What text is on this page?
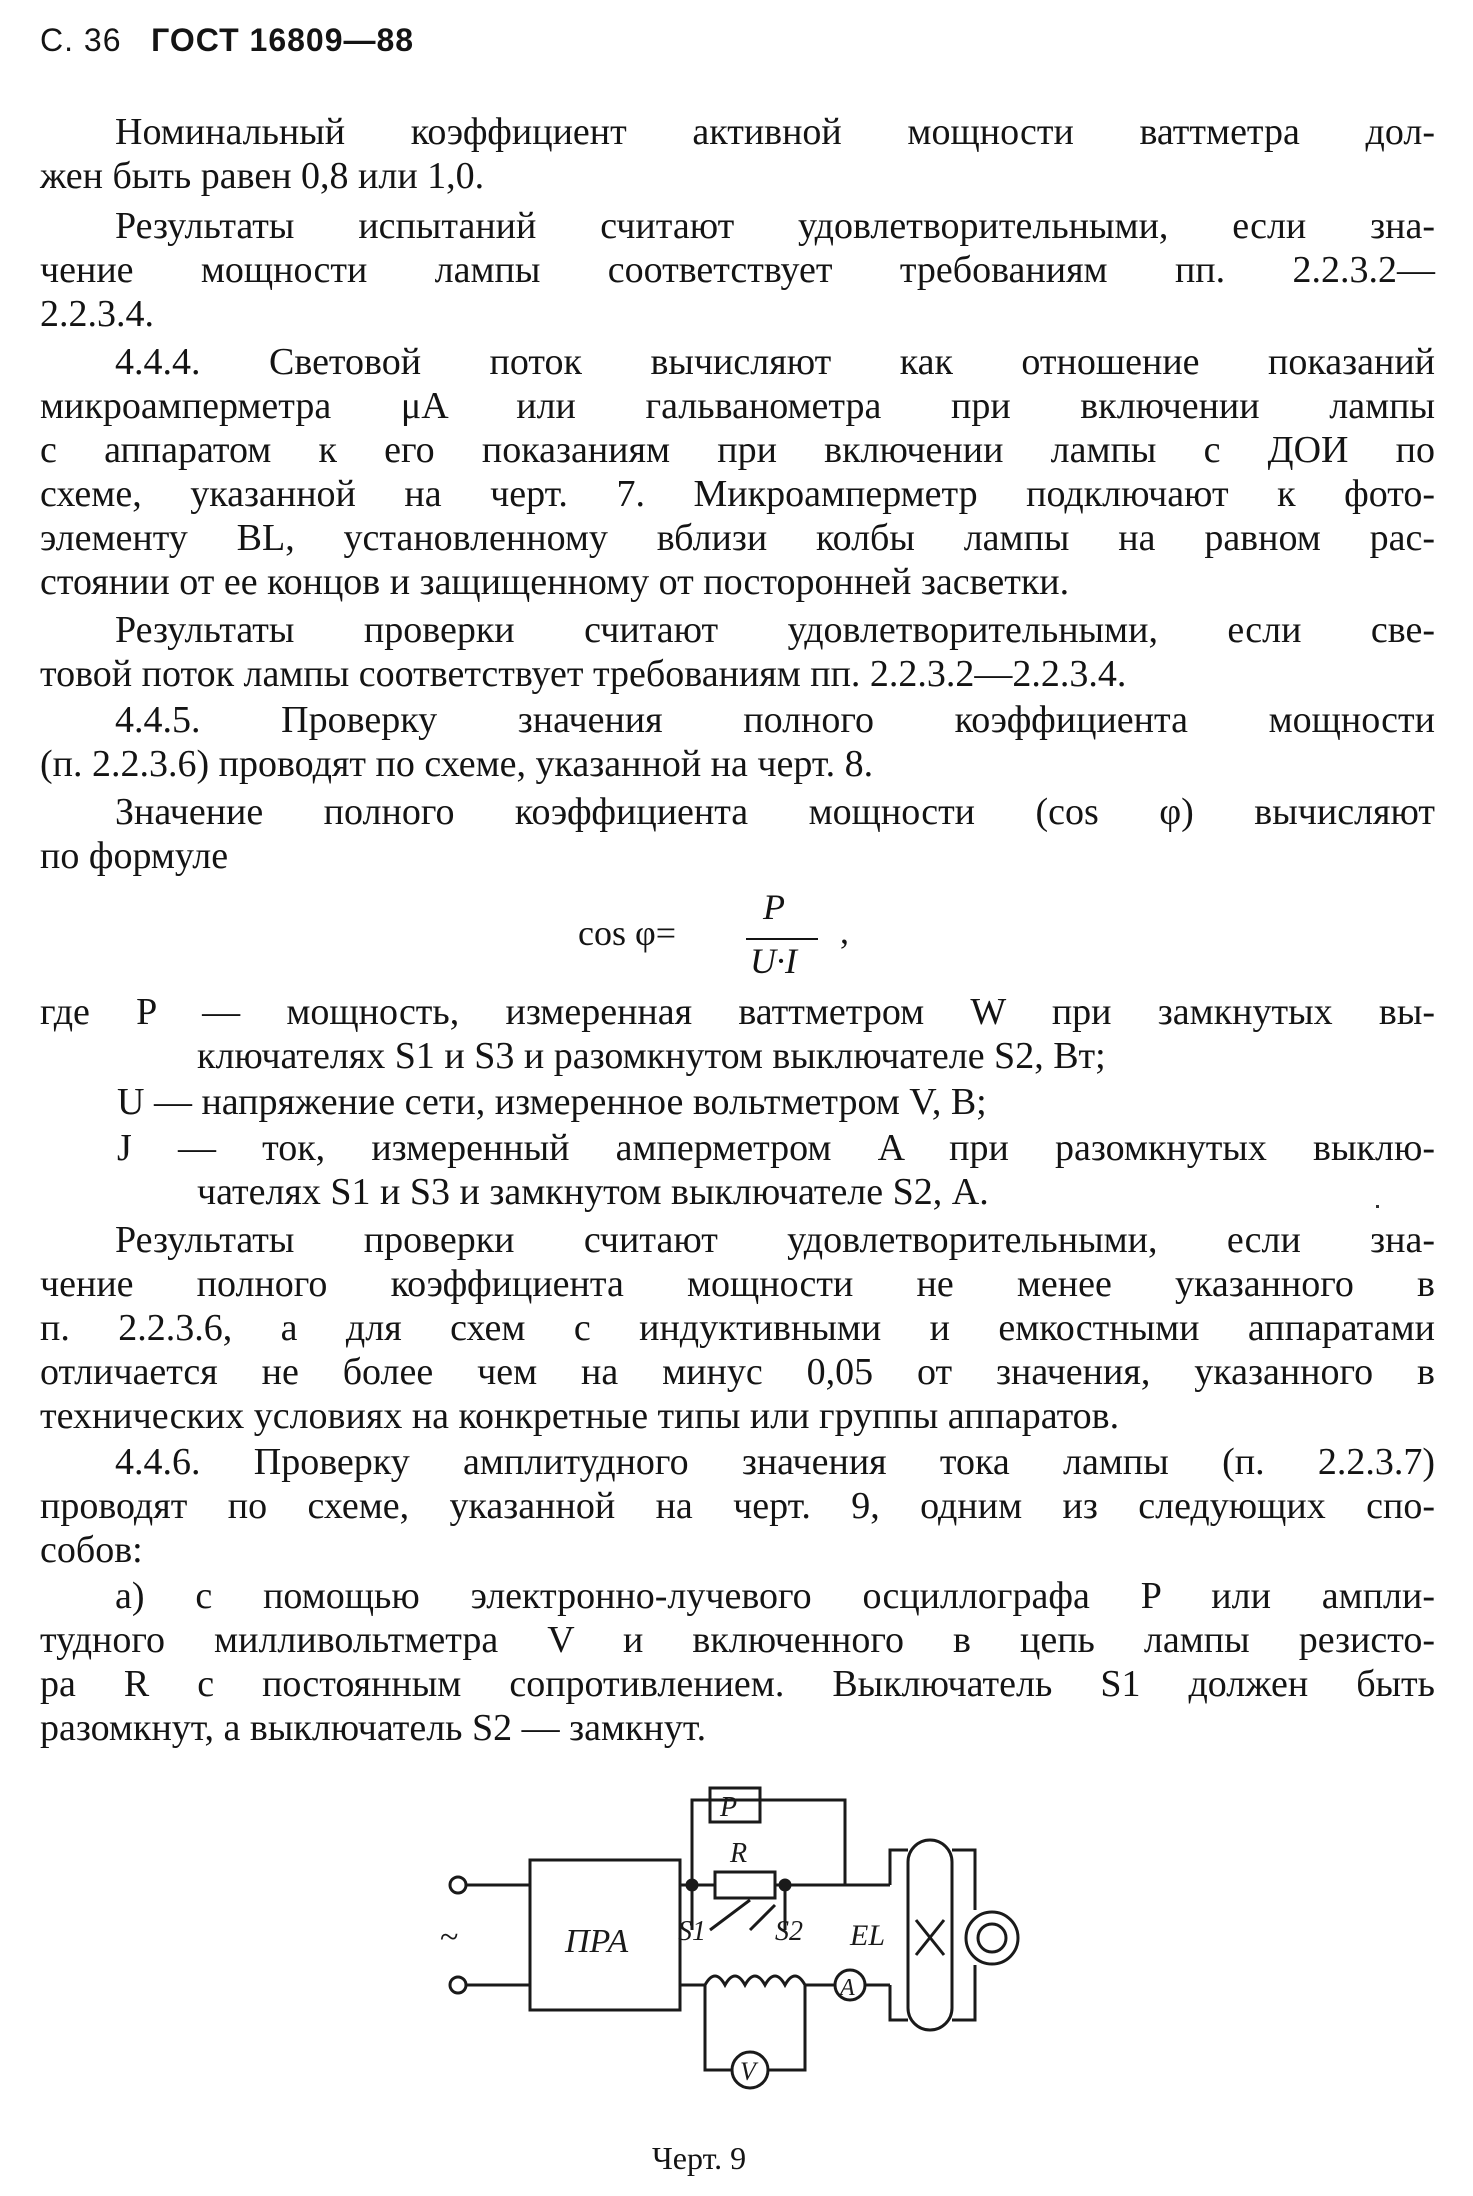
С. 36 ГОСТ 16809—88
Номинальный коэффициент активной мощности ваттметра дол-
жен быть равен 0,8 или 1,0.
Результаты испытаний считают удовлетворительными, если зна-
чение мощности лампы соответствует требованиям пп. 2.2.3.2—
2.2.3.4.
4.4.4. Световой поток вычисляют как отношение показаний
микроамперметра μA или гальванометра при включении лампы
с аппаратом к его показаниям при включении лампы с ДОИ по
схеме, указанной на черт. 7. Микроамперметр подключают к фото-
элементу BL, установленному вблизи колбы лампы на равном рас-
стоянии от ее концов и защищенному от посторонней засветки.
Результаты проверки считают удовлетворительными, если све-
товой поток лампы соответствует требованиям пп. 2.2.3.2—2.2.3.4.
4.4.5. Проверку значения полного коэффициента мощности
(п. 2.2.3.6) проводят по схеме, указанной на черт. 8.
Значение полного коэффициента мощности (cos φ) вычисляют
по формуле
cos φ=
P
U·I
,
где P — мощность, измеренная ваттметром W при замкнутых вы-
ключателях S1 и S3 и разомкнутом выключателе S2, Вт;
U — напряжение сети, измеренное вольтметром V, В;
J — ток, измеренный амперметром A при разомкнутых выклю-
чателях S1 и S3 и замкнутом выключателе S2, А.
Результаты проверки считают удовлетворительными, если зна-
чение полного коэффициента мощности не менее указанного в
п. 2.2.3.6, а для схем с индуктивными и емкостными аппаратами
отличается не более чем на минус 0,05 от значения, указанного в
технических условиях на конкретные типы или группы аппаратов.
4.4.6. Проверку амплитудного значения тока лампы (п. 2.2.3.7)
проводят по схеме, указанной на черт. 9, одним из следующих спо-
собов:
а) с помощью электронно-лучевого осциллографа P или ампли-
тудного милливольтметра V и включенного в цепь лампы резисто-
ра R с постоянным сопротивлением. Выключатель S1 должен быть
разомкнут, а выключатель S2 — замкнут.
~	ПРА
P
R
S1 S2
A
V
EL
Черт. 9
